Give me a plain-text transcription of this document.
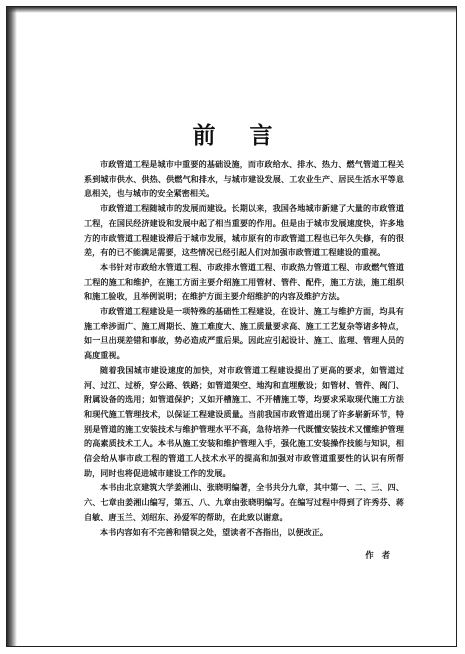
前言

市政管道工程是城市中重要的基础设施，而市政给水、排水、热力、燃气管道工程关系到城市供水、供热、供燃气和排水，与城市建设发展、工农业生产、居民生活水平等息息相关，也与城市的安全紧密相关。

市政管道工程随城市的发展而建设。长期以来，我国各地城市新建了大量的市政管道工程，在国民经济建设和发展中起了相当重要的作用。但是由于城市发展速度快，许多地方的市政管道工程建设滞后于城市发展，城市原有的市政管道工程也已年久失修，有的很差，有的已不能满足需要，这些情况已经引起人们对加强市政管道工程建设的重视。

本书针对市政给水管道工程、市政排水管道工程、市政热力管道工程、市政燃气管道工程的施工和维护，在施工方面主要介绍施工用管材、管件、配件，施工方法，施工组织和施工验收，且举例说明；在维护方面主要介绍维护的内容及维护方法。

市政管道工程建设是一项特殊的基础性工程建设，在设计、施工与维护方面，均具有施工牵涉面广、施工周期长、施工难度大、施工质量要求高、施工工艺复杂等诸多特点，如一旦出现差错和事故，势必造成严重后果。因此应引起设计、施工、监理、管理人员的高度重视。

随着我国城市建设速度的加快，对市政管道工程建设提出了更高的要求，如管道过河、过江、过桥，穿公路、铁路；如管道架空、地沟和直埋敷设；如管材、管件、阀门、附属设备的选用；如管道保护；又如开槽施工、不开槽施工等，均要求采取现代施工方法和现代施工管理技术，以保证工程建设质量。当前我国市政管道出现了许多崭新环节，特别是管道的施工安装技术与维护管理水平不高，急待培养一代既懂安装技术又懂维护管理的高素质技术工人。本书从施工安装和维护管理入手，强化施工安装操作技能与知识，相信会给从事市政工程的管道工人技术水平的提高和加强对市政管道重要性的认识有所帮助，同时也将促进城市建设工作的发展。

本书由北京建筑大学姜湘山、张晓明编著，全书共分九章，其中第一、二、三、四、六、七章由姜湘山编写，第五、八、九章由张晓明编写。在编写过程中得到了许秀芬、蒋自敏、唐玉兰、刘绍东、孙爱军的帮助，在此致以谢意。

本书内容如有不完善和错误之处，望读者不吝指出，以便改正。

作者
